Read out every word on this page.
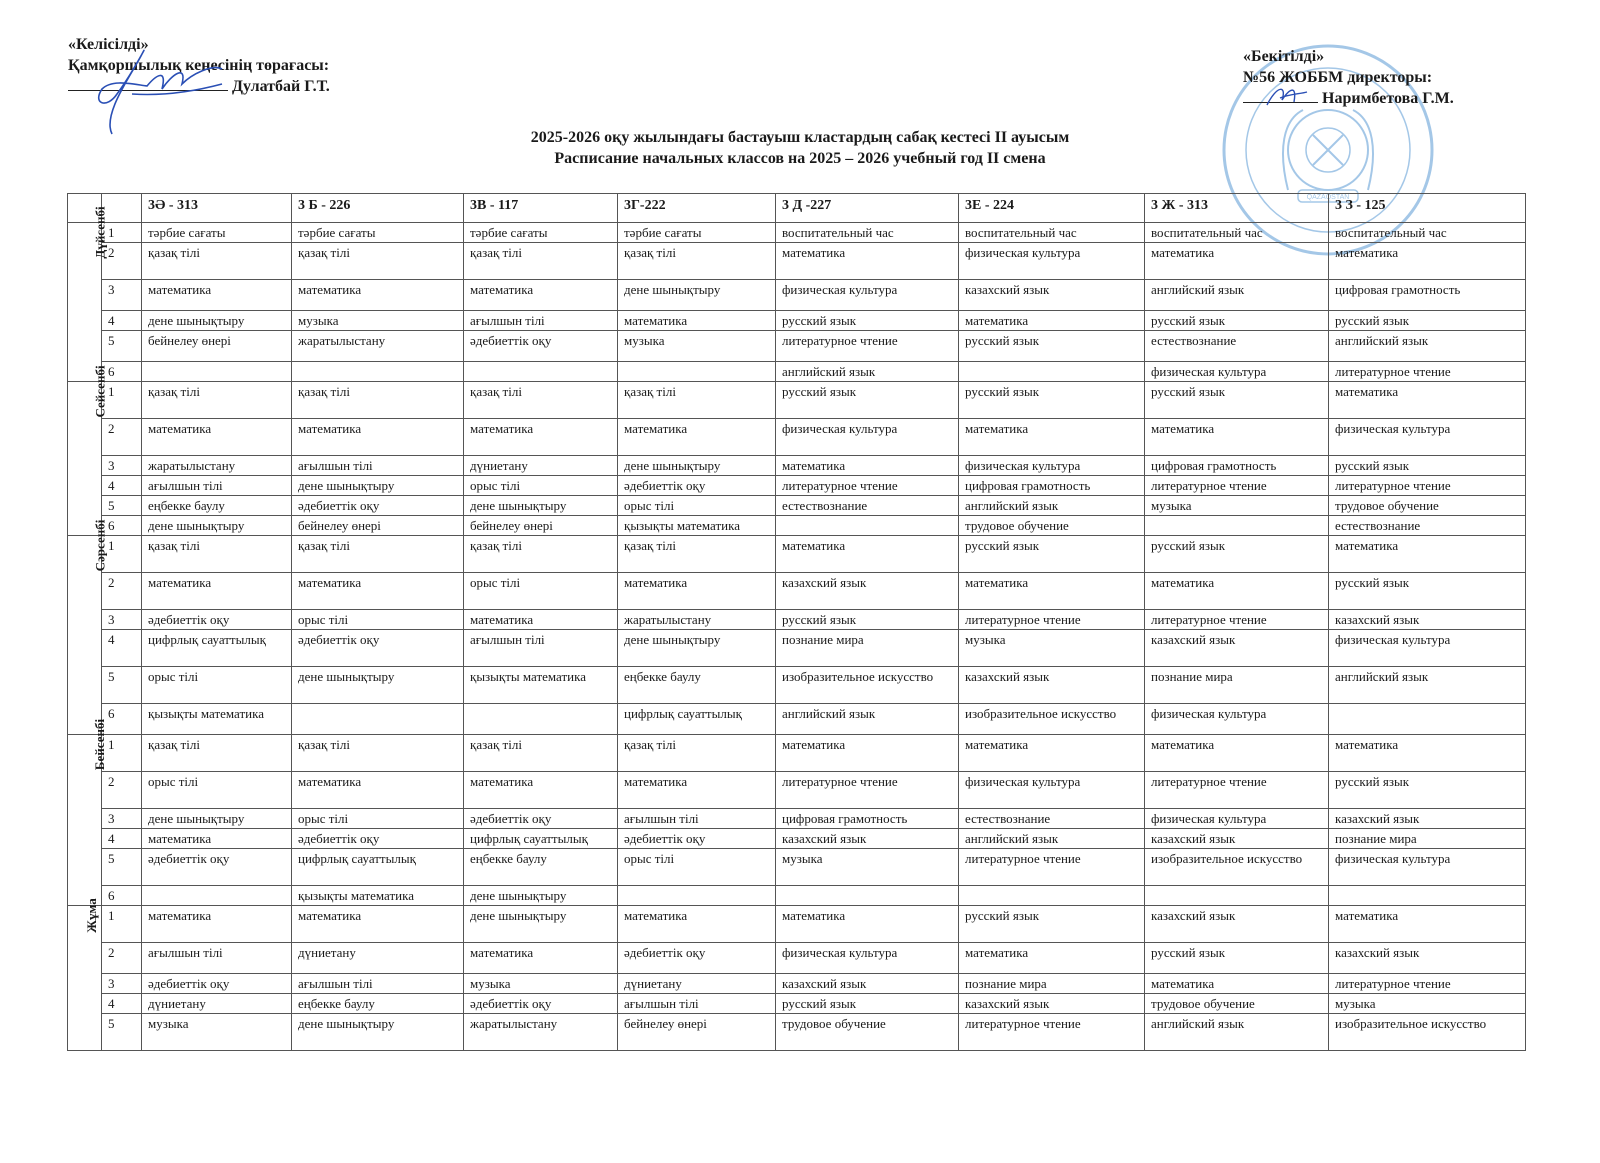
«Келісілді»
Қамқоршылық кеңесінің төрағасы:
Дулатбай Г.Т.
QAZAQSTAN
«Бекітілді»
№56 ЖОББМ директоры:
Наримбетова Г.М.
2025-2026 оқу жылындағы бастауыш кластардың сабақ кестесі II ауысым
Расписание начальных классов на 2025 – 2026 учебный год II смена
		3Ә - 313	3 Б - 226	3В - 117	3Г-222	3 Д -227	3Е - 224	3 Ж - 313	3 З - 125
Дүйсенбі	1	тәрбие сағаты	тәрбие сағаты	тәрбие сағаты	тәрбие сағаты	воспитательный час	воспитательный час	воспитательный час	воспитательный час
	2	қазақ тілі	қазақ тілі	қазақ тілі	қазақ тілі	математика	физическая культура	математика	математика
	3	математика	математика	математика	дене шынықтыру	физическая культура	казахский язык	английский язык	цифровая грамотность
	4	дене шынықтыру	музыка	ағылшын тілі	математика	русский язык	математика	русский язык	русский язык
	5	бейнелеу өнері	жаратылыстану	әдебиеттік оқу	музыка	литературное чтение	русский язык	естествознание	английский язык
	6					английский язык		физическая культура	литературное чтение
Сейсенбі	1	қазақ тілі	қазақ тілі	қазақ тілі	қазақ тілі	русский язык	русский язык	русский язык	математика
	2	математика	математика	математика	математика	физическая культура	математика	математика	физическая культура
	3	жаратылыстану	ағылшын тілі	дүниетану	дене шынықтыру	математика	физическая культура	цифровая грамотность	русский язык
	4	ағылшын тілі	дене шынықтыру	орыс тілі	әдебиеттік оқу	литературное чтение	цифровая грамотность	литературное чтение	литературное чтение
	5	еңбекке баулу	әдебиеттік оқу	дене шынықтыру	орыс тілі	естествознание	английский язык	музыка	трудовое обучение
	6	дене шынықтыру	бейнелеу өнері	бейнелеу өнері	қызықты математика		трудовое обучение		естествознание
Сәрсенбі	1	қазақ тілі	қазақ тілі	қазақ тілі	қазақ тілі	математика	русский язык	русский язык	математика
	2	математика	математика	орыс тілі	математика	казахский язык	математика	математика	русский язык
	3	әдебиеттік оқу	орыс тілі	математика	жаратылыстану	русский язык	литературное чтение	литературное чтение	казахский язык
	4	цифрлық сауаттылық	әдебиеттік оқу	ағылшын тілі	дене шынықтыру	познание мира	музыка	казахский язык	физическая культура
	5	орыс тілі	дене шынықтыру	қызықты математика	еңбекке баулу	изобразительное искусство	казахский язык	познание мира	английский язык
	6	қызықты математика			цифрлық сауаттылық	английский язык	изобразительное искусство	физическая культура	
Бейсенбі	1	қазақ тілі	қазақ тілі	қазақ тілі	қазақ тілі	математика	математика	математика	математика
	2	орыс тілі	математика	математика	математика	литературное чтение	физическая культура	литературное чтение	русский язык
	3	дене шынықтыру	орыс тілі	әдебиеттік оқу	ағылшын тілі	цифровая грамотность	естествознание	физическая культура	казахский язык
	4	математика	әдебиеттік оқу	цифрлық сауаттылық	әдебиеттік оқу	казахский язык	английский язык	казахский язык	познание мира
	5	әдебиеттік оқу	цифрлық сауаттылық	еңбекке баулу	орыс тілі	музыка	литературное чтение	изобразительное искусство	физическая культура
	6		қызықты математика	дене шынықтыру					
Жұма	1	математика	математика	дене шынықтыру	математика	математика	русский язык	казахский язык	математика
	2	ағылшын тілі	дүниетану	математика	әдебиеттік оқу	физическая культура	математика	русский язык	казахский язык
	3	әдебиеттік оқу	ағылшын тілі	музыка	дүниетану	казахский язык	познание мира	математика	литературное чтение
	4	дүниетану	еңбекке баулу	әдебиеттік оқу	ағылшын тілі	русский язык	казахский язык	трудовое обучение	музыка
	5	музыка	дене шынықтыру	жаратылыстану	бейнелеу өнері	трудовое обучение	литературное чтение	английский язык	изобразительное искусство
